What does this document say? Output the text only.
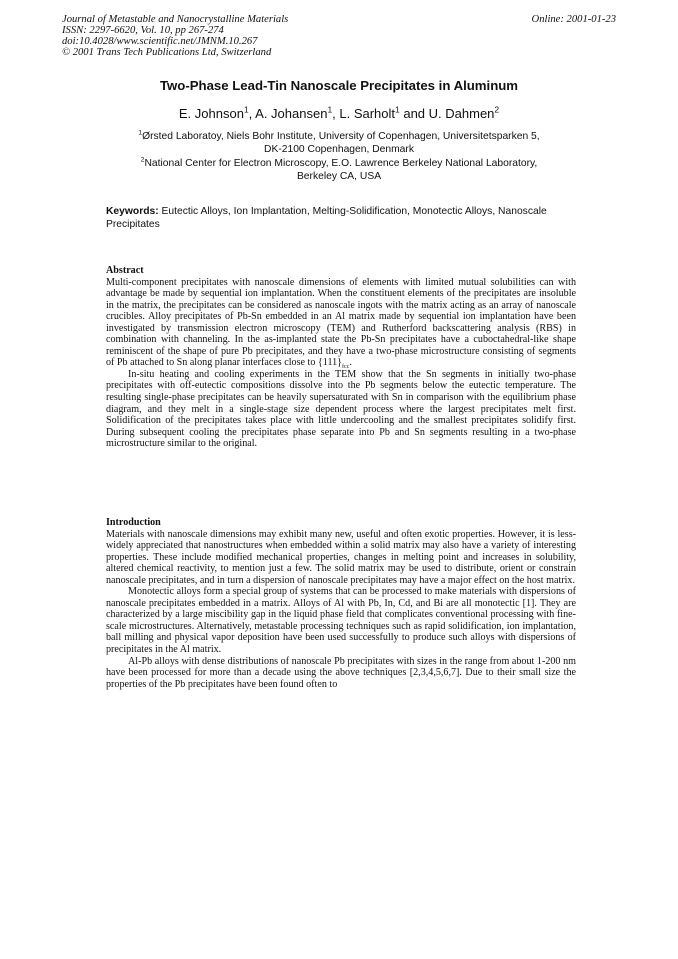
Journal of Metastable and Nanocrystalline Materials
ISSN: 2297-6620, Vol. 10, pp 267-274
doi:10.4028/www.scientific.net/JMNM.10.267
© 2001 Trans Tech Publications Ltd, Switzerland
Online: 2001-01-23
Two-Phase Lead-Tin Nanoscale Precipitates in Aluminum
E. Johnson$^1$, A. Johansen$^1$, L. Sarholt$^1$ and U. Dahmen$^2$
$^1$Ørsted Laboratoy, Niels Bohr Institute, University of Copenhagen, Universitetsparken 5,
DK-2100 Copenhagen, Denmark
$^2$National Center for Electron Microscopy, E.O. Lawrence Berkeley National Laboratory,
Berkeley CA, USA
Keywords: Eutectic Alloys, Ion Implantation, Melting-Solidification, Monotectic Alloys, Nanoscale Precipitates
Abstract

Multi-component precipitates with nanoscale dimensions of elements with limited mutual solubilities can with advantage be made by sequential ion implantation. When the constituent elements of the precipitates are insoluble in the matrix, the precipitates can be considered as nanoscale ingots with the matrix acting as an array of nanoscale crucibles. Alloy precipitates of Pb-Sn embedded in an Al matrix made by sequential ion implantation have been investigated by transmission electron microscopy (TEM) and Rutherford backscattering analysis (RBS) in combination with channeling. In the as-implanted state the Pb-Sn precipitates have a cuboctahedral-like shape reminiscent of the shape of pure Pb precipitates, and they have a two-phase microstructure consisting of segments of Pb attached to Sn along planar interfaces close to $\{111\}_{fcc}$.

In-situ heating and cooling experiments in the TEM show that the Sn segments in initially two-phase precipitates with off-eutectic compositions dissolve into the Pb segments below the eutectic temperature. The resulting single-phase precipitates can be heavily supersaturated with Sn in comparison with the equilibrium phase diagram, and they melt in a single-stage size dependent process where the largest precipitates melt first. Solidification of the precipitates takes place with little undercooling and the smallest precipitates solidify first. During subsequent cooling the precipitates phase separate into Pb and Sn segments resulting in a two-phase microstructure similar to the original.

Introduction

Materials with nanoscale dimensions may exhibit many new, useful and often exotic properties. However, it is less-widely appreciated that nanostructures when embedded within a solid matrix may also have a variety of interesting properties. These include modified mechanical properties, changes in melting point and increases in solubility, altered chemical reactivity, to mention just a few. The solid matrix may be used to distribute, orient or constrain nanoscale precipitates, and in turn a dispersion of nanoscale precipitates may have a major effect on the host matrix.

Monotectic alloys form a special group of systems that can be processed to make materials with dispersions of nanoscale precipitates embedded in a matrix. Alloys of Al with Pb, In, Cd, and Bi are all monotectic [1]. They are characterized by a large miscibility gap in the liquid phase field that complicates conventional processing with fine-scale microstructures. Alternatively, metastable processing techniques such as rapid solidification, ion implantation, ball milling and physical vapor deposition have been used successfully to produce such alloys with dispersions of precipitates in the Al matrix.

Al-Pb alloys with dense distributions of nanoscale Pb precipitates with sizes in the range from about 1-200 nm have been processed for more than a decade using the above techniques [2,3,4,5,6,7]. Due to their small size the properties of the Pb precipitates have been found often to
